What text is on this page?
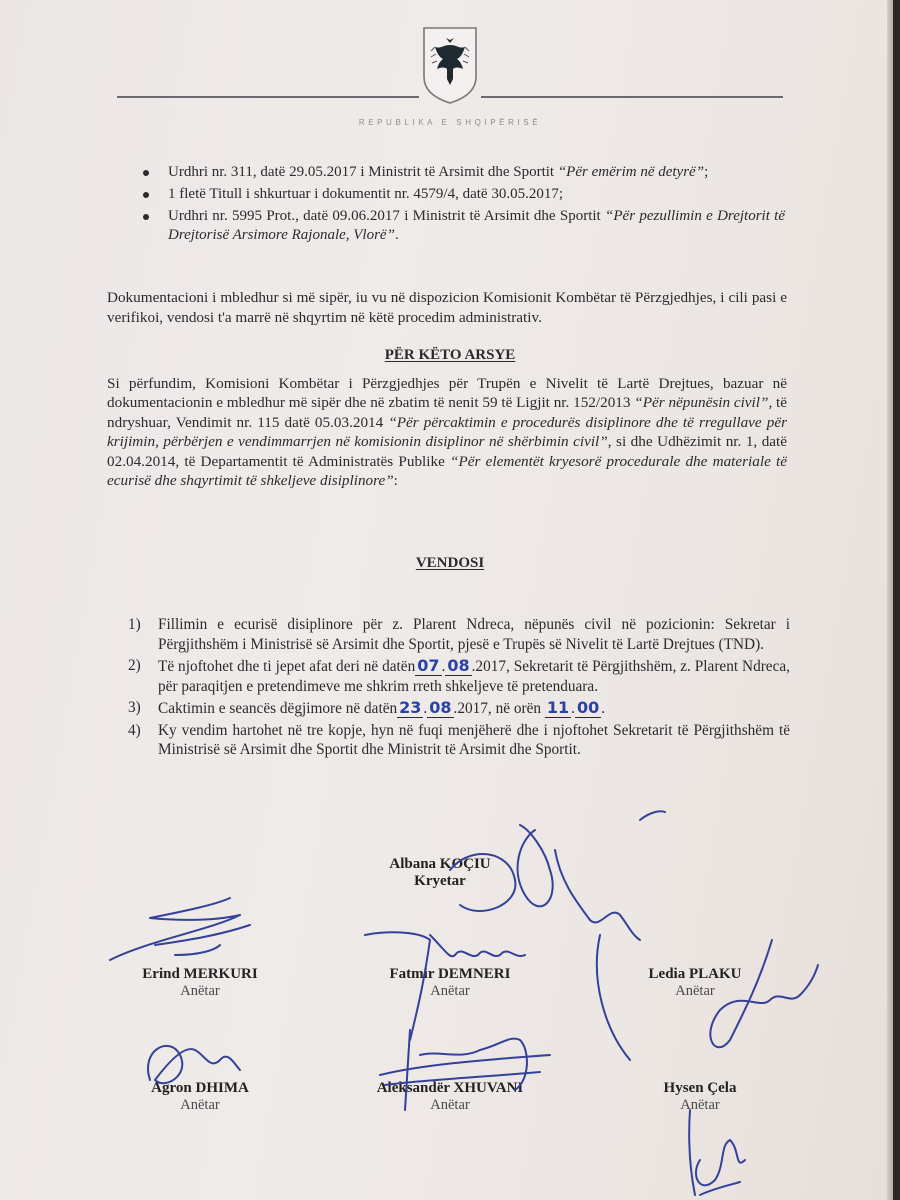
REPUBLIKA E SHQIPËRISË
Urdhri nr. 311, datë 29.05.2017 i Ministrit të Arsimit dhe Sportit “Për emërim në detyrë”;
1 fletë Titull i shkurtuar i dokumentit nr. 4579/4, datë 30.05.2017;
Urdhri nr. 5995 Prot., datë 09.06.2017 i Ministrit të Arsimit dhe Sportit “Për pezullimin e Drejtorit të Drejtorisë Arsimore Rajonale, Vlorë”.

Dokumentacioni i mbledhur si më sipër, iu vu në dispozicion Komisionit Kombëtar të Përzgjedhjes, i cili pasi e verifikoi, vendosi t'a marrë në shqyrtim në këtë procedim administrativ.

PËR KËTO ARSYE

Si përfundim, Komisioni Kombëtar i Përzgjedhjes për Trupën e Nivelit të Lartë Drejtues, bazuar në dokumentacionin e mbledhur më sipër dhe në zbatim të nenit 59 të Ligjit nr. 152/2013 “Për nëpunësin civil”, të ndryshuar, Vendimit nr. 115 datë 05.03.2014 “Për përcaktimin e procedurës disiplinore dhe të rregullave për krijimin, përbërjen e vendimmarrjen në komisionin disiplinor në shërbimin civil”, si dhe Udhëzimit nr. 1, datë 02.04.2014, të Departamentit të Administratës Publike “Për elementët kryesorë procedurale dhe materiale të ecurisë dhe shqyrtimit të shkeljeve disiplinore”:

VENDOSI
1) Fillimin e ecurisë disiplinore për z. Plarent Ndreca, nëpunës civil në pozicionin: Sekretar i Përgjithshëm i Ministrisë së Arsimit dhe Sportit, pjesë e Trupës së Nivelit të Lartë Drejtues (TND).
2) Të njoftohet dhe ti jepet afat deri në datën 07 . 08 .2017, Sekretarit të Përgjithshëm, z. Plarent Ndreca, për paraqitjen e pretendimeve me shkrim rreth shkeljeve të pretenduara.
3) Caktimin e seancës dëgjimore në datën 23 . 08 .2017, në orën 11 . 00 .
4) Ky vendim hartohet në tre kopje, hyn në fuqi menjëherë dhe i njoftohet Sekretarit të Përgjithshëm të Ministrisë së Arsimit dhe Sportit dhe Ministrit të Arsimit dhe Sportit.
Albana KOÇIU
Kryetar
Erind MERKURI
Anëtar
Fatmir DEMNERI
Anëtar
Ledia PLAKU
Anëtar
Agron DHIMA
Anëtar
Aleksandër XHUVANI
Anëtar
Hysen Çela
Anëtar
